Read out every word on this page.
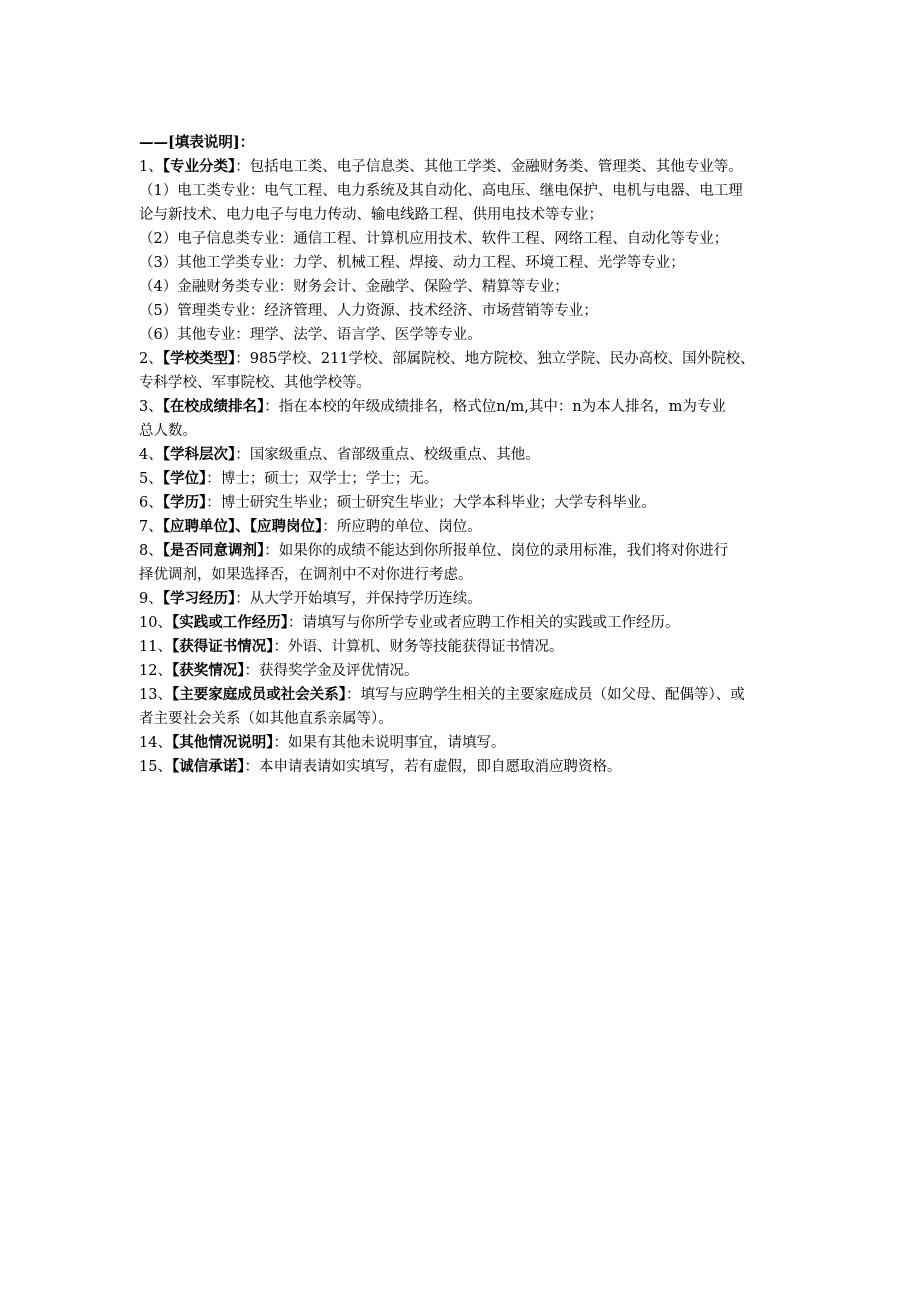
——[填表说明]：

1、【专业分类】：包括电工类、电子信息类、其他工学类、金融财务类、管理类、其他专业等。

（1）电工类专业：电气工程、电力系统及其自动化、高电压、继电保护、电机与电器、电工理

论与新技术、电力电子与电力传动、输电线路工程、供用电技术等专业；

（2）电子信息类专业：通信工程、计算机应用技术、软件工程、网络工程、自动化等专业；

（3）其他工学类专业：力学、机械工程、焊接、动力工程、环境工程、光学等专业；

（4）金融财务类专业：财务会计、金融学、保险学、精算等专业；

（5）管理类专业：经济管理、人力资源、技术经济、市场营销等专业；

（6）其他专业：理学、法学、语言学、医学等专业。

2、【学校类型】：985学校、211学校、部属院校、地方院校、独立学院、民办高校、国外院校、

专科学校、军事院校、其他学校等。

3、【在校成绩排名】：指在本校的年级成绩排名，格式位n/m,其中：n为本人排名，m为专业

总人数。

4、【学科层次】：国家级重点、省部级重点、校级重点、其他。

5、【学位】：博士；硕士；双学士；学士；无。

6、【学历】：博士研究生毕业；硕士研究生毕业；大学本科毕业；大学专科毕业。

7、【应聘单位】、【应聘岗位】：所应聘的单位、岗位。

8、【是否同意调剂】：如果你的成绩不能达到你所报单位、岗位的录用标准，我们将对你进行

择优调剂，如果选择否，在调剂中不对你进行考虑。

9、【学习经历】：从大学开始填写，并保持学历连续。

10、【实践或工作经历】：请填写与你所学专业或者应聘工作相关的实践或工作经历。

11、【获得证书情况】：外语、计算机、财务等技能获得证书情况。

12、【获奖情况】：获得奖学金及评优情况。

13、【主要家庭成员或社会关系】：填写与应聘学生相关的主要家庭成员（如父母、配偶等）、或

者主要社会关系（如其他直系亲属等）。

14、【其他情况说明】：如果有其他未说明事宜，请填写。

15、【诚信承诺】：本申请表请如实填写，若有虚假，即自愿取消应聘资格。
